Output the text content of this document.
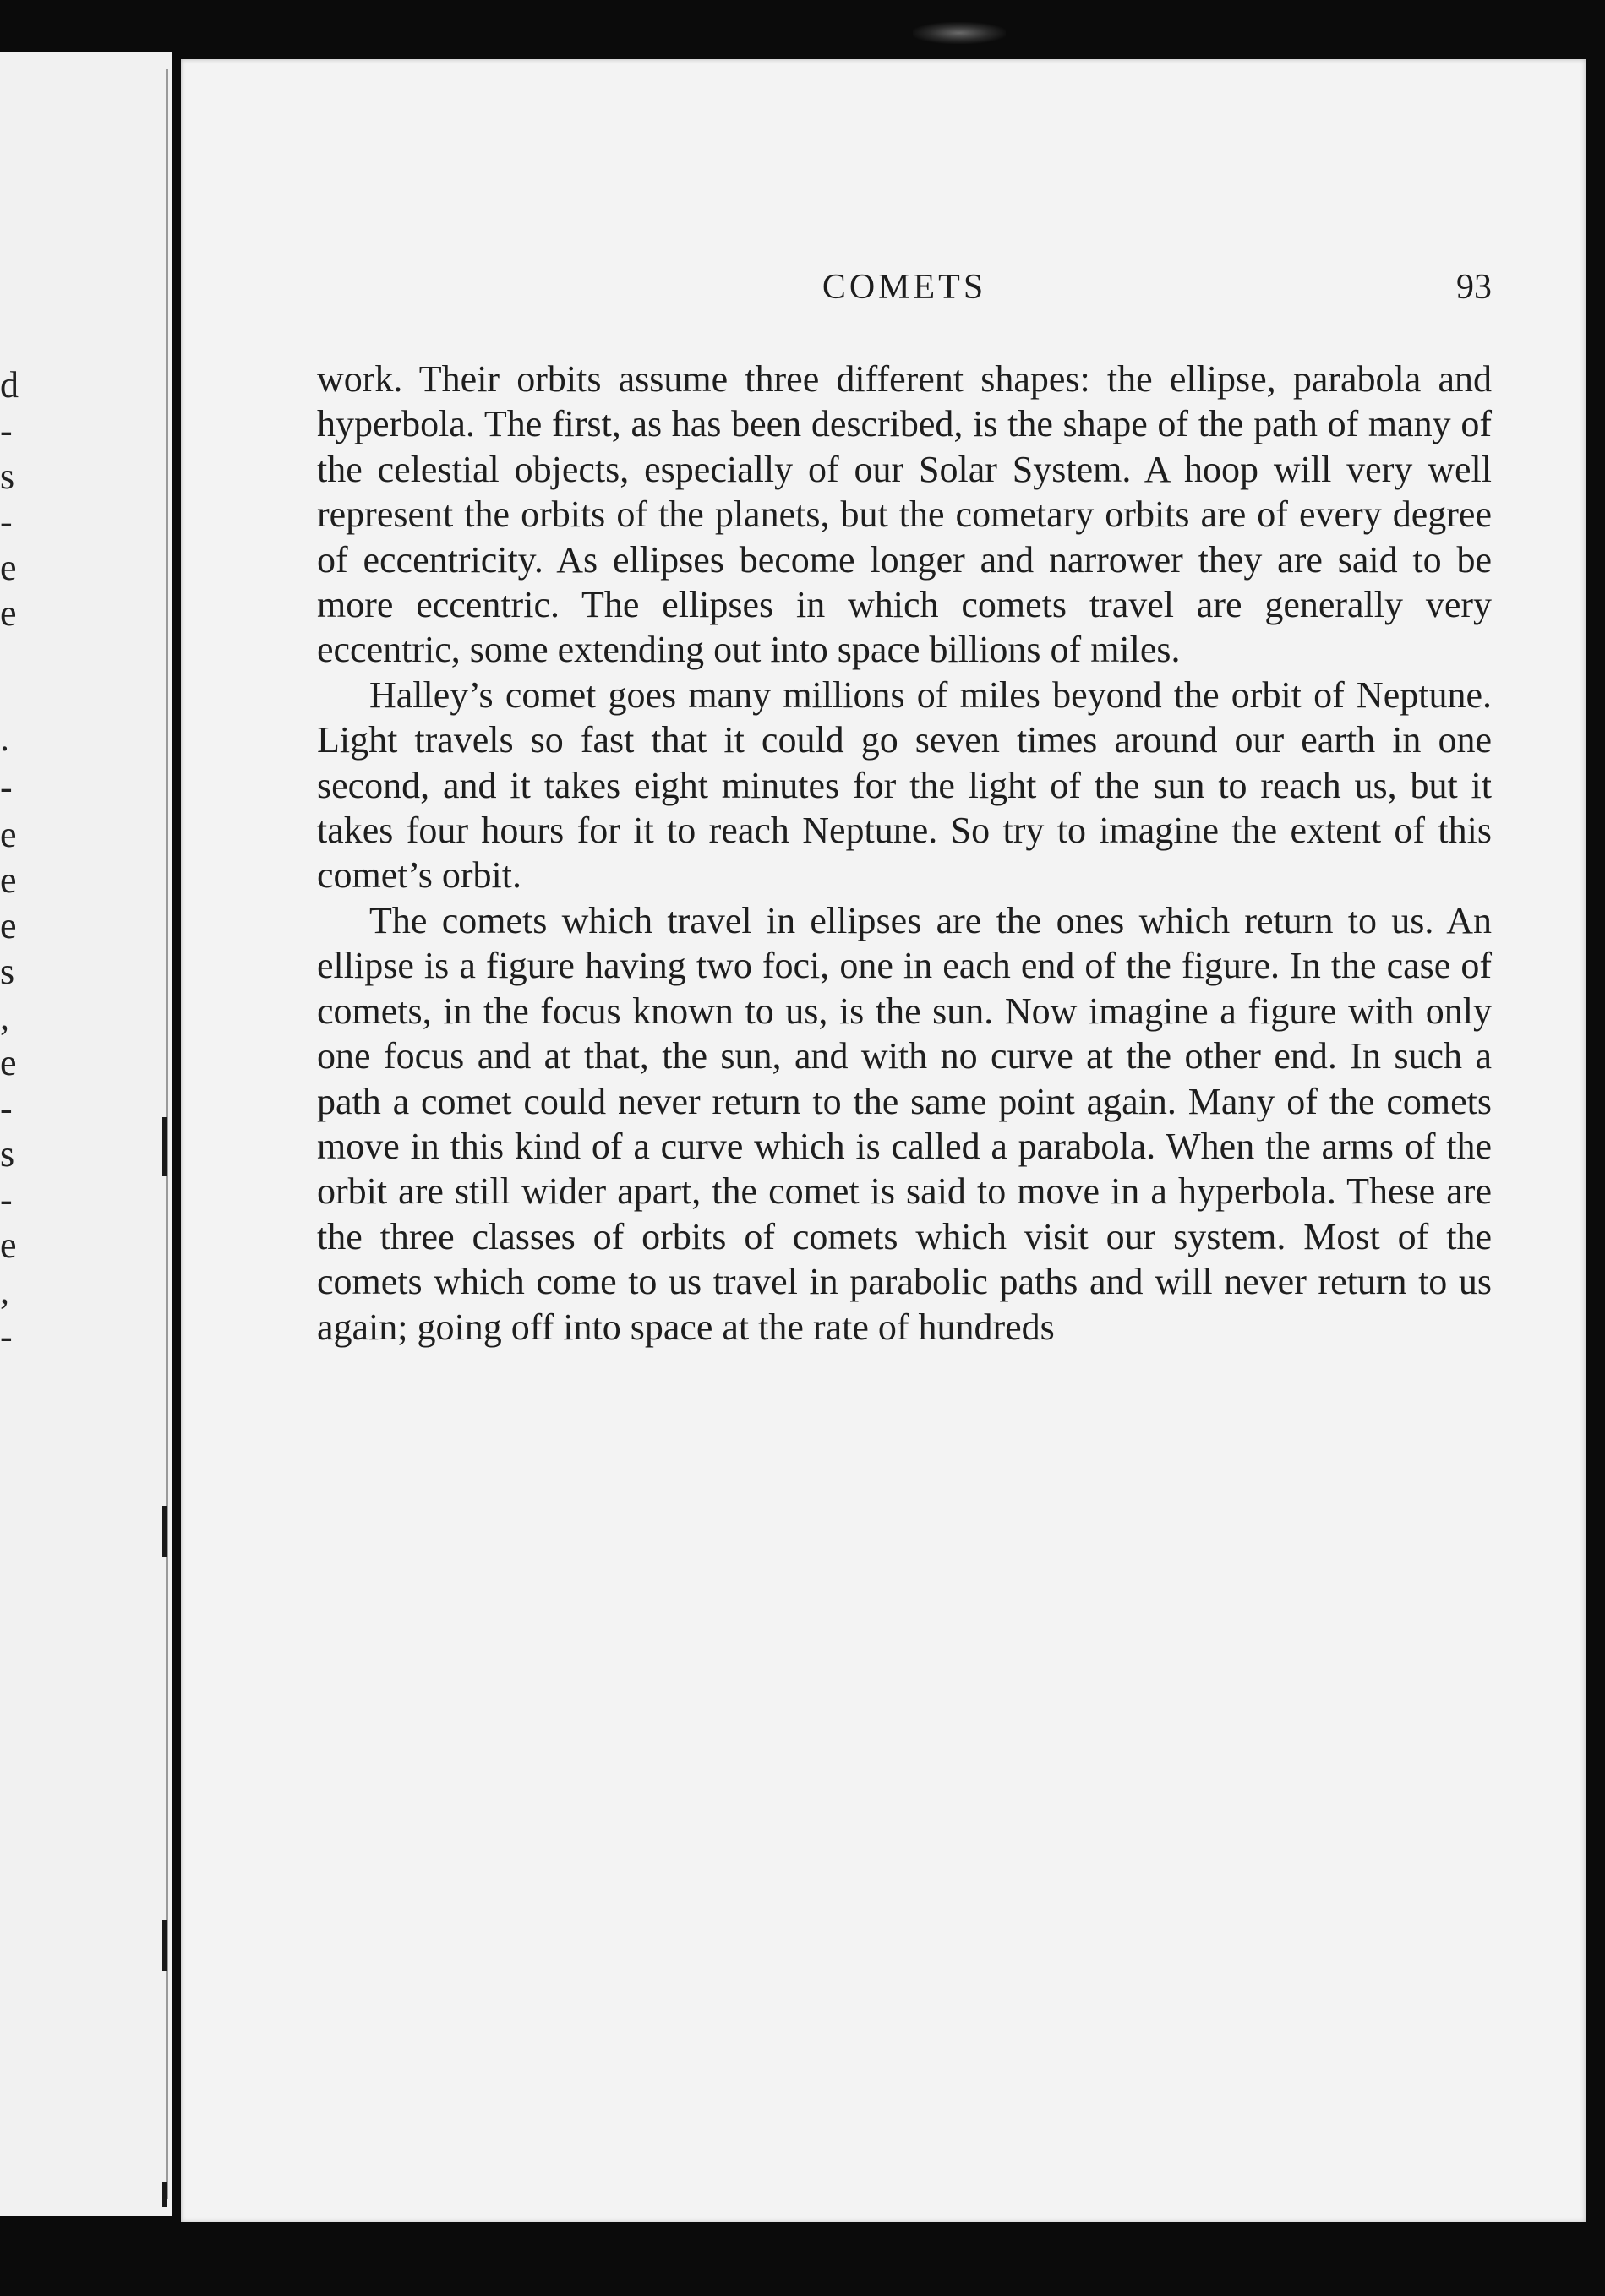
d
-
s
-
e
e
.
-
e
e
e
s
,
e
-
s
-
e
,
-
COMETS	93

work. Their orbits assume three different shapes: the ellipse, parabola and hyperbola. The first, as has been described, is the shape of the path of many of the celestial objects, especially of our Solar System. A hoop will very well represent the orbits of the planets, but the cometary orbits are of every degree of eccentricity. As ellipses become longer and narrower they are said to be more eccentric. The ellipses in which comets travel are generally very eccentric, some extending out into space billions of miles.

Halley’s comet goes many millions of miles beyond the orbit of Neptune. Light travels so fast that it could go seven times around our earth in one second, and it takes eight minutes for the light of the sun to reach us, but it takes four hours for it to reach Neptune. So try to imagine the extent of this comet’s orbit.

The comets which travel in ellipses are the ones which return to us. An ellipse is a figure having two foci, one in each end of the figure. In the case of comets, in the focus known to us, is the sun. Now imagine a figure with only one focus and at that, the sun, and with no curve at the other end. In such a path a comet could never return to the same point again. Many of the comets move in this kind of a curve which is called a parabola. When the arms of the orbit are still wider apart, the comet is said to move in a hyperbola. These are the three classes of orbits of comets which visit our system. Most of the comets which come to us travel in parabolic paths and will never return to us again; going off into space at the rate of hundreds
